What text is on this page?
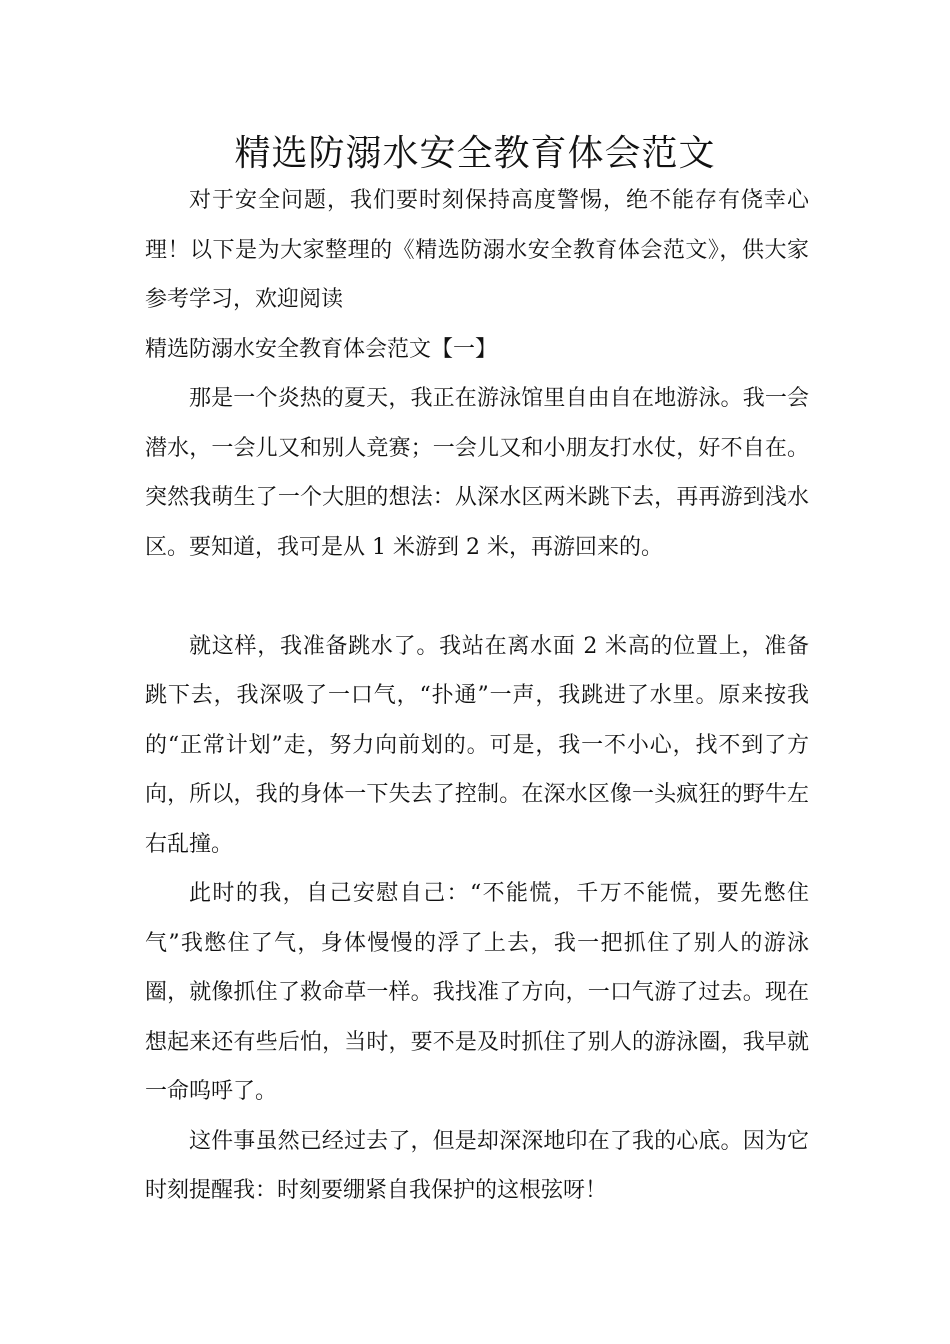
精选防溺水安全教育体会范文

对于安全问题，我们要时刻保持高度警惕，绝不能存有侥幸心理！以下是为大家整理的《精选防溺水安全教育体会范文》，供大家参考学习，欢迎阅读

精选防溺水安全教育体会范文【一】

那是一个炎热的夏天，我正在游泳馆里自由自在地游泳。我一会潜水，一会儿又和别人竞赛；一会儿又和小朋友打水仗，好不自在。突然我萌生了一个大胆的想法：从深水区两米跳下去，再再游到浅水区。要知道，我可是从 1 米游到 2 米，再游回来的。

就这样，我准备跳水了。我站在离水面 2 米高的位置上，准备跳下去，我深吸了一口气，“扑通”一声，我跳进了水里。原来按我的“正常计划”走，努力向前划的。可是，我一不小心，找不到了方向，所以，我的身体一下失去了控制。在深水区像一头疯狂的野牛左右乱撞。

此时的我，自己安慰自己：“不能慌，千万不能慌，要先憋住气”我憋住了气，身体慢慢的浮了上去，我一把抓住了别人的游泳圈，就像抓住了救命草一样。我找准了方向，一口气游了过去。现在想起来还有些后怕，当时，要不是及时抓住了别人的游泳圈，我早就一命呜呼了。

这件事虽然已经过去了，但是却深深地印在了我的心底。因为它时刻提醒我：时刻要绷紧自我保护的这根弦呀！
